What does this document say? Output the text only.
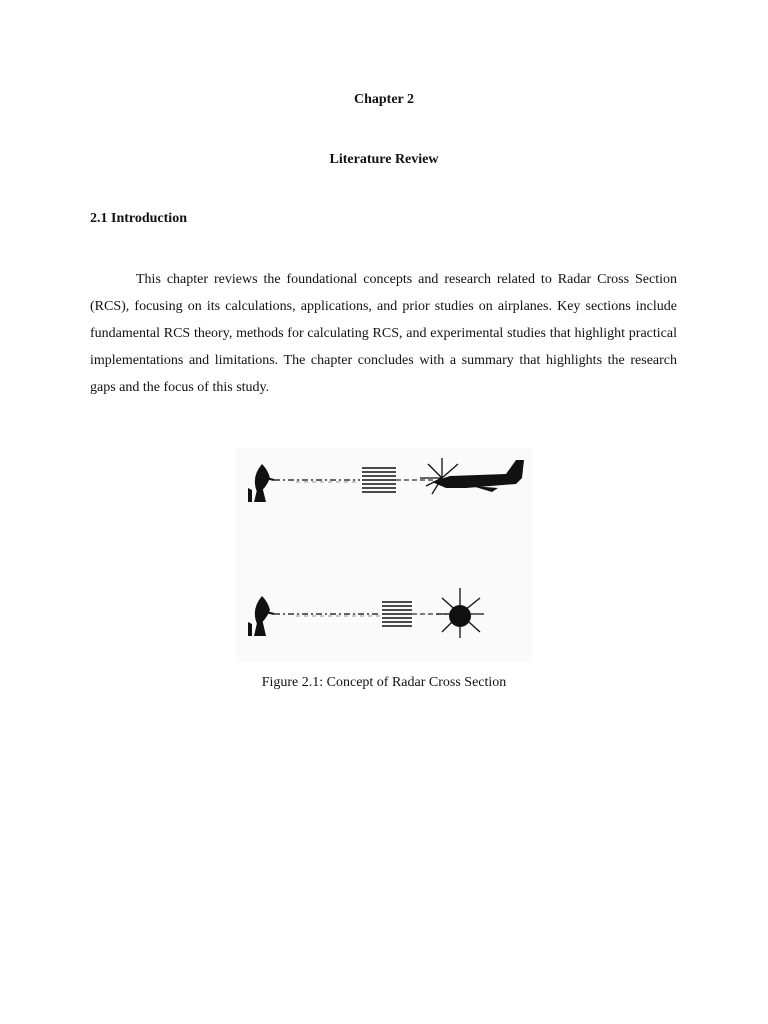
Chapter 2
Literature Review
2.1 Introduction

This chapter reviews the foundational concepts and research related to Radar Cross Section (RCS), focusing on its calculations, applications, and prior studies on airplanes. Key sections include fundamental RCS theory, methods for calculating RCS, and experimental studies that highlight practical implementations and limitations. The chapter concludes with a summary that highlights the research gaps and the focus of this study.

Figure 2.1: Concept of Radar Cross Section
